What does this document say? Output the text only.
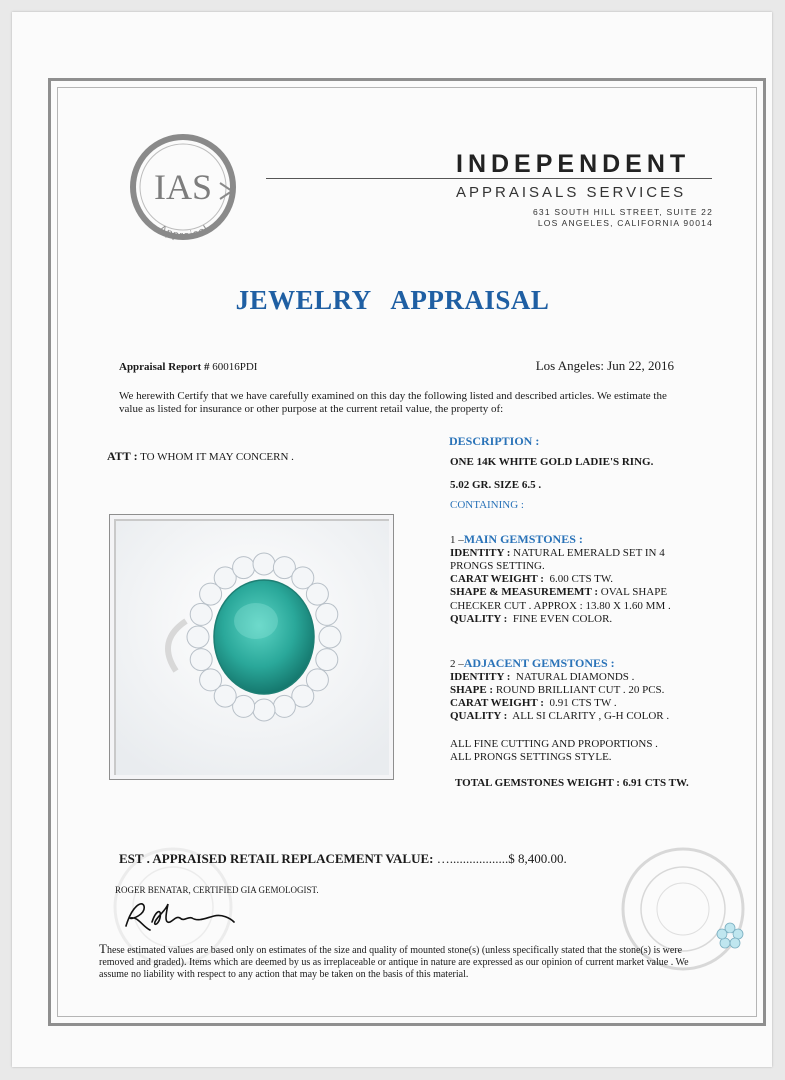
IAS
Appraisal
INDEPENDENT
APPRAISALS SERVICES
631 SOUTH HILL STREET, SUITE 22
LOS ANGELES, CALIFORNIA 90014
JEWELRY APPRAISAL
Appraisal Report # 60016PDI	Los Angeles: Jun 22, 2016
We herewith Certify that we have carefully examined on this day the following listed and described articles. We estimate the value as listed for insurance or other purpose at the current retail value, the property of:
ATT : TO WHOM IT MAY CONCERN .
DESCRIPTION :
ONE 14K WHITE GOLD LADIE'S RING.
5.02 GR. SIZE 6.5 .
CONTAINING :
1 –MAIN GEMSTONES :
IDENTITY : NATURAL EMERALD SET IN 4
PRONGS SETTING.
CARAT WEIGHT : 6.00 CTS TW.
SHAPE & MEASUREMEMT : OVAL SHAPE
CHECKER CUT . APPROX : 13.80 X 1.60 MM .
QUALITY : FINE EVEN COLOR.
2 –ADJACENT GEMSTONES :
IDENTITY : NATURAL DIAMONDS .
SHAPE : ROUND BRILLIANT CUT . 20 PCS.
CARAT WEIGHT : 0.91 CTS TW .
QUALITY : ALL SI CLARITY , G-H COLOR .
ALL FINE CUTTING AND PROPORTIONS .
ALL PRONGS SETTINGS STYLE.
TOTAL GEMSTONES WEIGHT : 6.91 CTS TW.
EST . APPRAISED RETAIL REPLACEMENT VALUE: …..................$ 8,400.00.
ROGER BENATAR, CERTIFIED GIA GEMOLOGIST.
These estimated values are based only on estimates of the size and quality of mounted stone(s) (unless specifically stated that the stone(s) is were removed and graded). Items which are deemed by us as irreplaceable or antique in nature are expressed as our opinion of current market value . We assume no liability with respect to any action that may be taken on the basis of this material.
